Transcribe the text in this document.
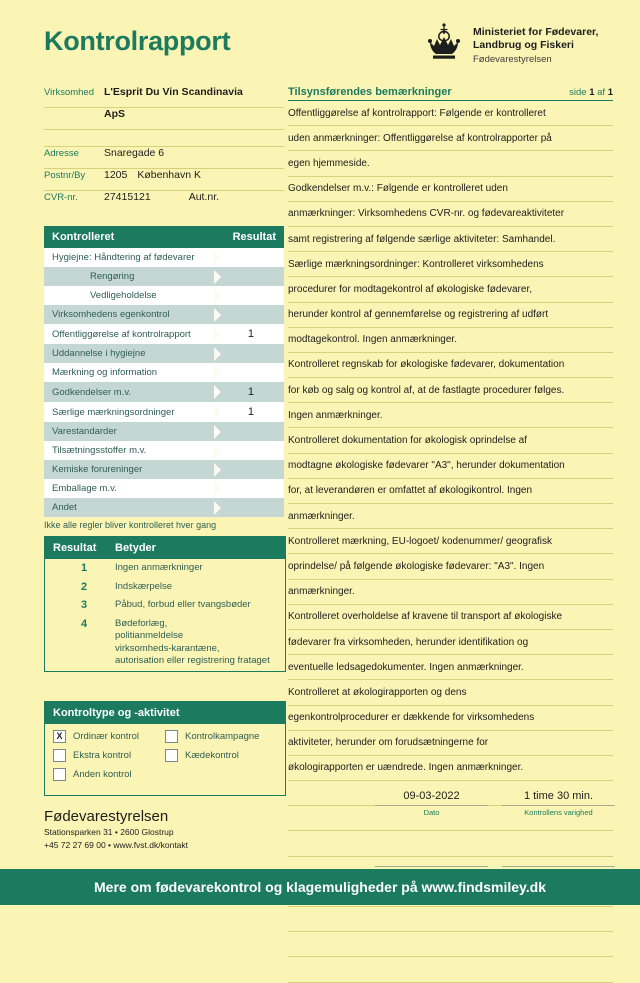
Kontrolrapport	Ministeriet for Fødevarer,
Landbrug og Fiskeri
Fødevarestyrelsen
Virksomhed L'Esprit Du Vin Scandinavia
ApS
Adresse	Snaregade 6
Postnr/By	1205 København K
CVR-nr.	27415121	Aut.nr.
Kontrolleret	Resultat
Hygiejne: Håndtering af fødevarer	

Rengøring	

Vedligeholdelse	

Virksomhedens egenkontrol	

Offentliggørelse af kontrolrapport	1

Uddannelse i hygiejne	

Mærkning og information	

Godkendelser m.v.	1

Særlige mærkningsordninger	1

Varestandarder	

Tilsætningsstoffer m.v.	

Kemiske forureninger	

Emballage m.v.	

Andet	
Ikke alle regler bliver kontrolleret hver gang
Resultat	Betyder
1	Ingen anmærkninger
2	Indskærpelse
3	Påbud, forbud eller tvangsbøder
4	Bødeforlæg,
politianmeldelse
virksomheds-karantæne,
autorisation eller registrering frataget
Kontroltype og -aktivitet
X	Ordinær kontrol	Kontrolkampagne
Ekstra kontrol	Kædekontrol
Anden kontrol
Tilsynsførendes bemærkninger	side 1 af 1
Offentliggørelse af kontrolrapport: Følgende er kontrolleret
uden anmærkninger: Offentliggørelse af kontrolrapporter på
egen hjemmeside.
Godkendelser m.v.: Følgende er kontrolleret uden
anmærkninger: Virksomhedens CVR-nr. og fødevareaktiviteter
samt registrering af følgende særlige aktiviteter: Samhandel.
Særlige mærkningsordninger: Kontrolleret virksomhedens
procedurer for modtagekontrol af økologiske fødevarer,
herunder kontrol af gennemførelse og registrering af udført
modtagekontrol. Ingen anmærkninger.
Kontrolleret regnskab for økologiske fødevarer, dokumentation
for køb og salg og kontrol af, at de fastlagte procedurer følges.
Ingen anmærkninger.
Kontrolleret dokumentation for økologisk oprindelse af
modtagne økologiske fødevarer "A3", herunder dokumentation
for, at leverandøren er omfattet af økologikontrol. Ingen
anmærkninger.
Kontrolleret mærkning, EU-logoet/ kodenummer/ geografisk
oprindelse/ på følgende økologiske fødevarer: "A3". Ingen
anmærkninger.
Kontrolleret overholdelse af kravene til transport af økologiske
fødevarer fra virksomheden, herunder identifikation og
eventuelle ledsagedokumenter. Ingen anmærkninger.
Kontrolleret at økologirapporten og dens
egenkontrolprocedurer er dækkende for virksomhedens
aktiviteter, herunder om forudsætningerne for
økologirapporten er uændrede. Ingen anmærkninger.
Fødevarestyrelsen
Stationsparken 31 • 2600 Glostrup
+45 72 27 69 00 • www.fvst.dk/kontakt
09-03-2022
Dato
1 time 30 min.
Kontrollens varighed
Mere om fødevarekontrol og klagemuligheder på www.findsmiley.dk
